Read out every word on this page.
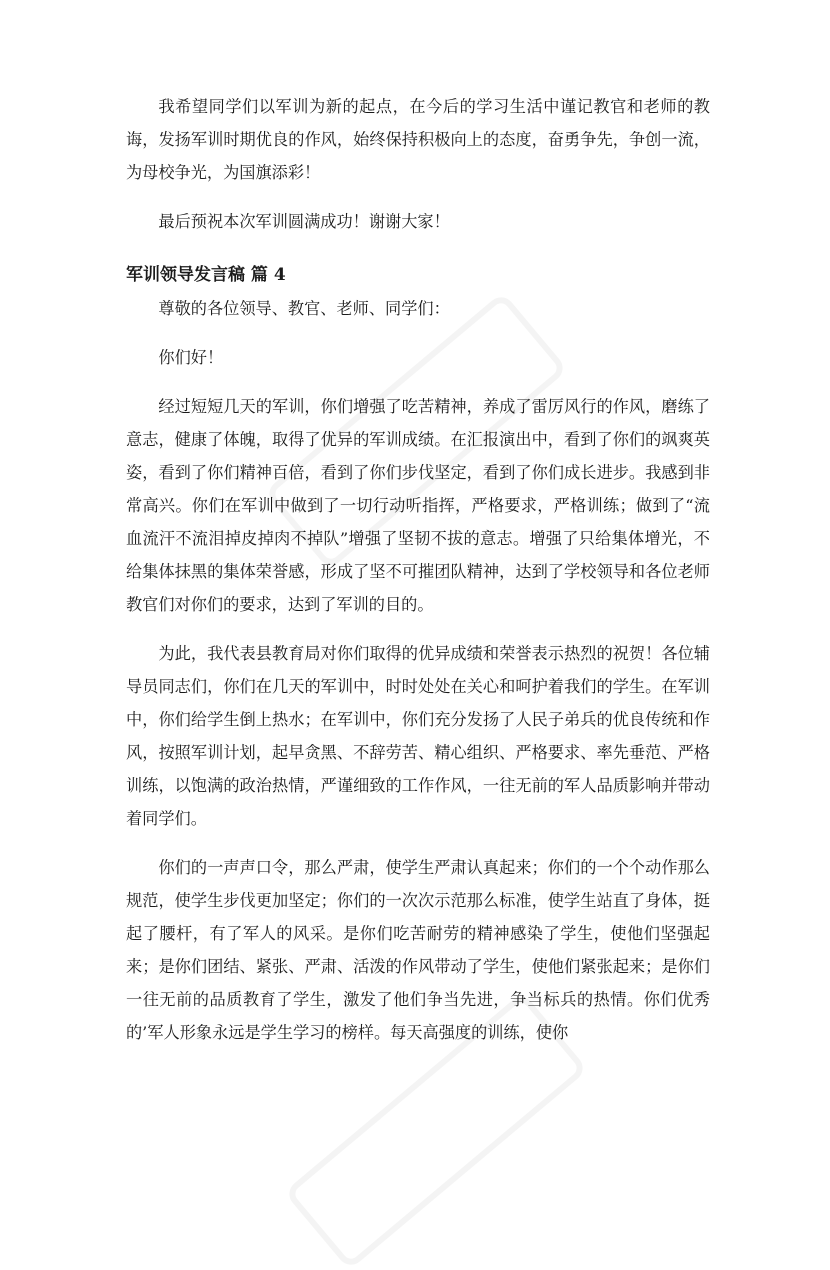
我希望同学们以军训为新的起点，在今后的学习生活中谨记教官和老师的教诲，发扬军训时期优良的作风，始终保持积极向上的态度，奋勇争先，争创一流，为母校争光，为国旗添彩！

最后预祝本次军训圆满成功！谢谢大家！

军训领导发言稿 篇 4

尊敬的各位领导、教官、老师、同学们：

你们好！

经过短短几天的军训，你们增强了吃苦精神，养成了雷厉风行的作风，磨练了意志，健康了体魄，取得了优异的军训成绩。在汇报演出中，看到了你们的飒爽英姿，看到了你们精神百倍，看到了你们步伐坚定，看到了你们成长进步。我感到非常高兴。你们在军训中做到了一切行动听指挥，严格要求，严格训练；做到了“流血流汗不流泪掉皮掉肉不掉队”增强了坚韧不拔的意志。增强了只给集体增光，不给集体抹黑的集体荣誉感，形成了坚不可摧团队精神，达到了学校领导和各位老师教官们对你们的要求，达到了军训的目的。

为此，我代表县教育局对你们取得的优异成绩和荣誉表示热烈的祝贺！各位辅导员同志们，你们在几天的军训中，时时处处在关心和呵护着我们的学生。在军训中，你们给学生倒上热水；在军训中，你们充分发扬了人民子弟兵的优良传统和作风，按照军训计划，起早贪黑、不辞劳苦、精心组织、严格要求、率先垂范、严格训练，以饱满的政治热情，严谨细致的工作作风，一往无前的军人品质影响并带动着同学们。

你们的一声声口令，那么严肃，使学生严肃认真起来；你们的一个个动作那么规范，使学生步伐更加坚定；你们的一次次示范那么标准，使学生站直了身体，挺起了腰杆，有了军人的风采。是你们吃苦耐劳的精神感染了学生，使他们坚强起来；是你们团结、紧张、严肃、活泼的作风带动了学生，使他们紧张起来；是你们一往无前的品质教育了学生，激发了他们争当先进，争当标兵的热情。你们优秀的’军人形象永远是学生学习的榜样。每天高强度的训练，使你
